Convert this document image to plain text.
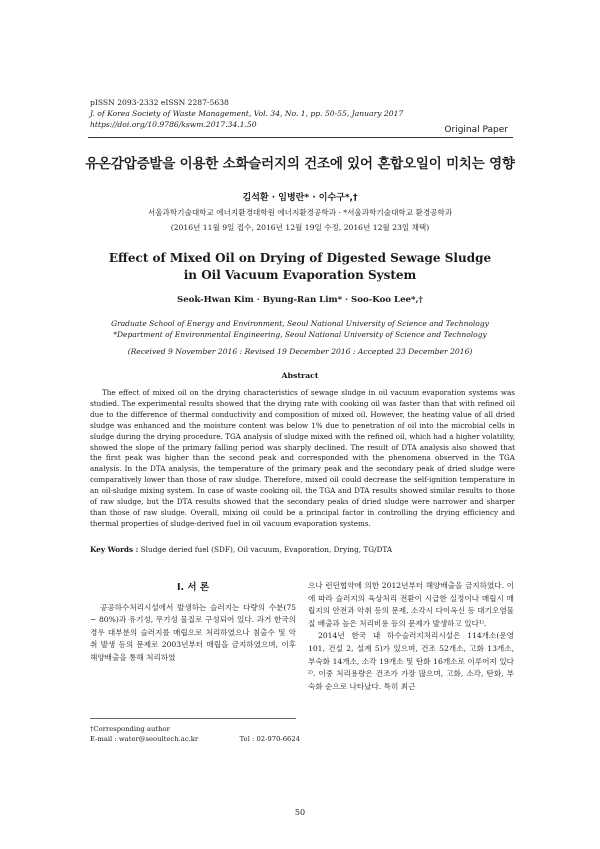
pISSN 2093-2332 eISSN 2287-5638
J. of Korea Society of Waste Management, Vol. 34, No. 1, pp. 50-55, January 2017
https://doi.org/10.9786/kswm.2017.34.1.50
Original Paper
유온감압증발을 이용한 소화슬러지의 건조에 있어 혼합오일이 미치는 영향
김석환 · 임병란* · 이수구*,†
서울과학기술대학교 에너지환경대학원 에너지환경공학과 · *서울과학기술대학교 환경공학과
(2016년 11월 9일 접수, 2016년 12월 19일 수정, 2016년 12월 23일 채택)
Effect of Mixed Oil on Drying of Digested Sewage Sludge
in Oil Vacuum Evaporation System
Seok-Hwan Kim · Byung-Ran Lim* · Soo-Koo Lee*,†
Graduate School of Energy and Environment, Seoul National University of Science and Technology
*Department of Environmental Engineering, Seoul National University of Science and Technology
(Received 9 November 2016 : Revised 19 December 2016 : Accepted 23 December 2016)
Abstract
The effect of mixed oil on the drying characteristics of sewage sludge in oil vacuum evaporation systems was studied. The experimental results showed that the drying rate with cooking oil was faster than that with refined oil due to the difference of thermal conductivity and composition of mixed oil. However, the heating value of all dried sludge was enhanced and the moisture content was below 1% due to penetration of oil into the microbial cells in sludge during the drying procedure. TGA analysis of sludge mixed with the refined oil, which had a higher volatility, showed the slope of the primary falling period was sharply declined. The result of DTA analysis also showed that the first peak was higher than the second peak and corresponded with the phenomena observed in the TGA analysis. In the DTA analysis, the temperature of the primary peak and the secondary peak of dried sludge were comparatively lower than those of raw sludge. Therefore, mixed oil could decrease the self-ignition temperature in an oil-sludge mixing system. In case of waste cooking oil, the TGA and DTA results showed similar results to those of raw sludge, but the DTA results showed that the secondary peaks of dried sludge were narrower and sharper than those of raw sludge. Overall, mixing oil could be a principal factor in controlling the drying efficiency and thermal properties of sludge-derived fuel in oil vacuum evaporation systems.
Key Words : Sludge deried fuel (SDF), Oil vacuum, Evaporation, Drying, TG/DTA
I. 서 론
공공하수처리시설에서 발생하는 슬러지는 다량의 수분(75 ~ 80%)과 유기성, 무기성 물질로 구성되어 있다. 과거 한국의 경우 대부분의 슬러지를 매립으로 처리하였으나 침출수 및 악취 발생 등의 문제로 2003년부터 매립을 금지하였으며, 이후 해양배출을 통해 처리하였
으나 런던협약에 의한 2012년부터 해양배출을 금지하였다. 이에 따라 슬러지의 육상처리 전환이 시급한 실정이나 매립시 매립지의 안전과 악취 등의 문제, 소각시 다이옥신 등 대기오염물질 배출과 높은 처리비용 등의 문제가 발생하고 있다¹⁾.
2014년 한국 내 하수슬러지처리시설은 114개소(운영 101, 건설 2, 설계 5)가 있으며, 건조 52개소, 고화 13개소, 부숙화 14개소, 소각 19개소 및 탄화 16개소로 이루어져 있다²⁾. 이중 처리용량은 건조가 가장 많으며, 고화, 소각, 탄화, 부숙화 순으로 나타났다. 특히 최근
†Corresponding author
E-mail : water@seoultech.ac.kr	Tel : 02-970-6624
50
